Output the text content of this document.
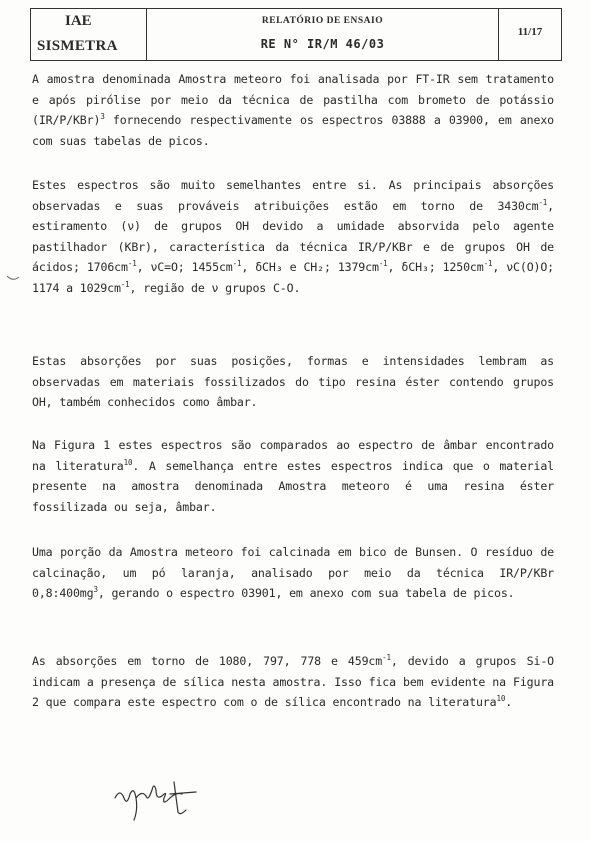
IAE
SISMETRA
RELATÓRIO DE ENSAIO
RE N° IR/M 46/03
11/17

A amostra denominada Amostra meteoro foi analisada por FT-IR sem tratamento e após pirólise por meio da técnica de pastilha com brometo de potássio $(IR/P/KBr)^3$ fornecendo respectivamente os espectros 03888 a 03900, em anexo com suas tabelas de picos.

Estes espectros são muito semelhantes entre si. As principais absorções observadas e suas prováveis atribuições estão em torno de $3430cm^{-1}$, estiramento (ν) de grupos OH devido a umidade absorvida pelo agente pastilhador (KBr), característica da técnica IR/P/KBr e de grupos OH de ácidos; $1706cm^{-1}$, νC=O; $1455cm^{-1}$, δCH₃ e CH₂; $1379cm^{-1}$, δCH₃; $1250cm^{-1}$, νC(O)O; 1174 a $1029cm^{-1}$, região de ν grupos C-O.

Estas absorções por suas posições, formas e intensidades lembram as observadas em materiais fossilizados do tipo resina éster contendo grupos OH, também conhecidos como âmbar.

Na Figura 1 estes espectros são comparados ao espectro de âmbar encontrado na literatura$^{10}$. A semelhança entre estes espectros indica que o material presente na amostra denominada Amostra meteoro é uma resina éster fossilizada ou seja, âmbar.

Uma porção da Amostra meteoro foi calcinada em bico de Bunsen. O resíduo de calcinação, um pó laranja, analisado por meio da técnica IR/P/KBr $0,8:400mg^3$, gerando o espectro 03901, em anexo com sua tabela de picos.

As absorções em torno de 1080, 797, 778 e $459cm^{-1}$, devido a grupos Si-O indicam a presença de sílica nesta amostra. Isso fica bem evidente na Figura 2 que compara este espectro com o de sílica encontrado na literatura$^{10}$.
